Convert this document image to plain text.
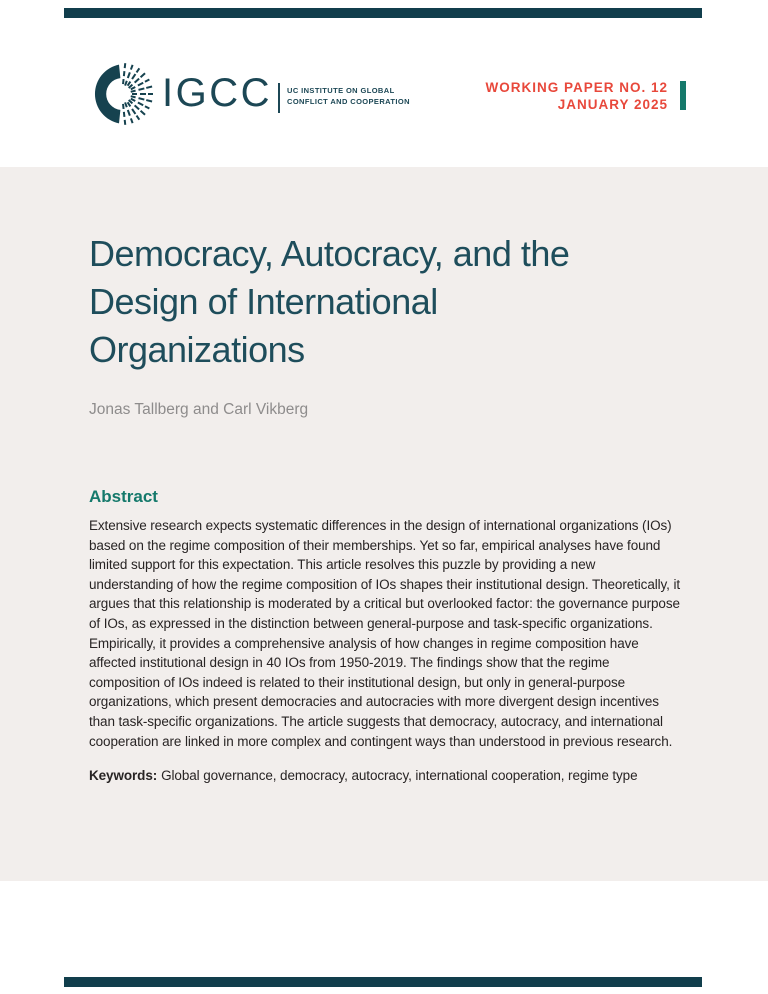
IGCC UC INSTITUTE ON GLOBAL
CONFLICT AND COOPERATION
WORKING PAPER NO. 12
JANUARY 2025
Democracy, Autocracy, and the
Design of International
Organizations
Jonas Tallberg and Carl Vikberg
Abstract

Extensive research expects systematic differences in the design of international organizations (IOs) based on the regime composition of their memberships. Yet so far, empirical analyses have found limited support for this expectation. This article resolves this puzzle by providing a new understanding of how the regime composition of IOs shapes their institutional design. Theoretically, it argues that this relationship is moderated by a critical but overlooked factor: the governance purpose of IOs, as expressed in the distinction between general-purpose and task-specific organizations. Empirically, it provides a comprehensive analysis of how changes in regime composition have affected institutional design in 40 IOs from 1950-2019. The findings show that the regime composition of IOs indeed is related to their institutional design, but only in general-purpose organizations, which present democracies and autocracies with more divergent design incentives than task-specific organizations. The article suggests that democracy, autocracy, and international cooperation are linked in more complex and contingent ways than understood in previous research.

Keywords: Global governance, democracy, autocracy, international cooperation, regime type
